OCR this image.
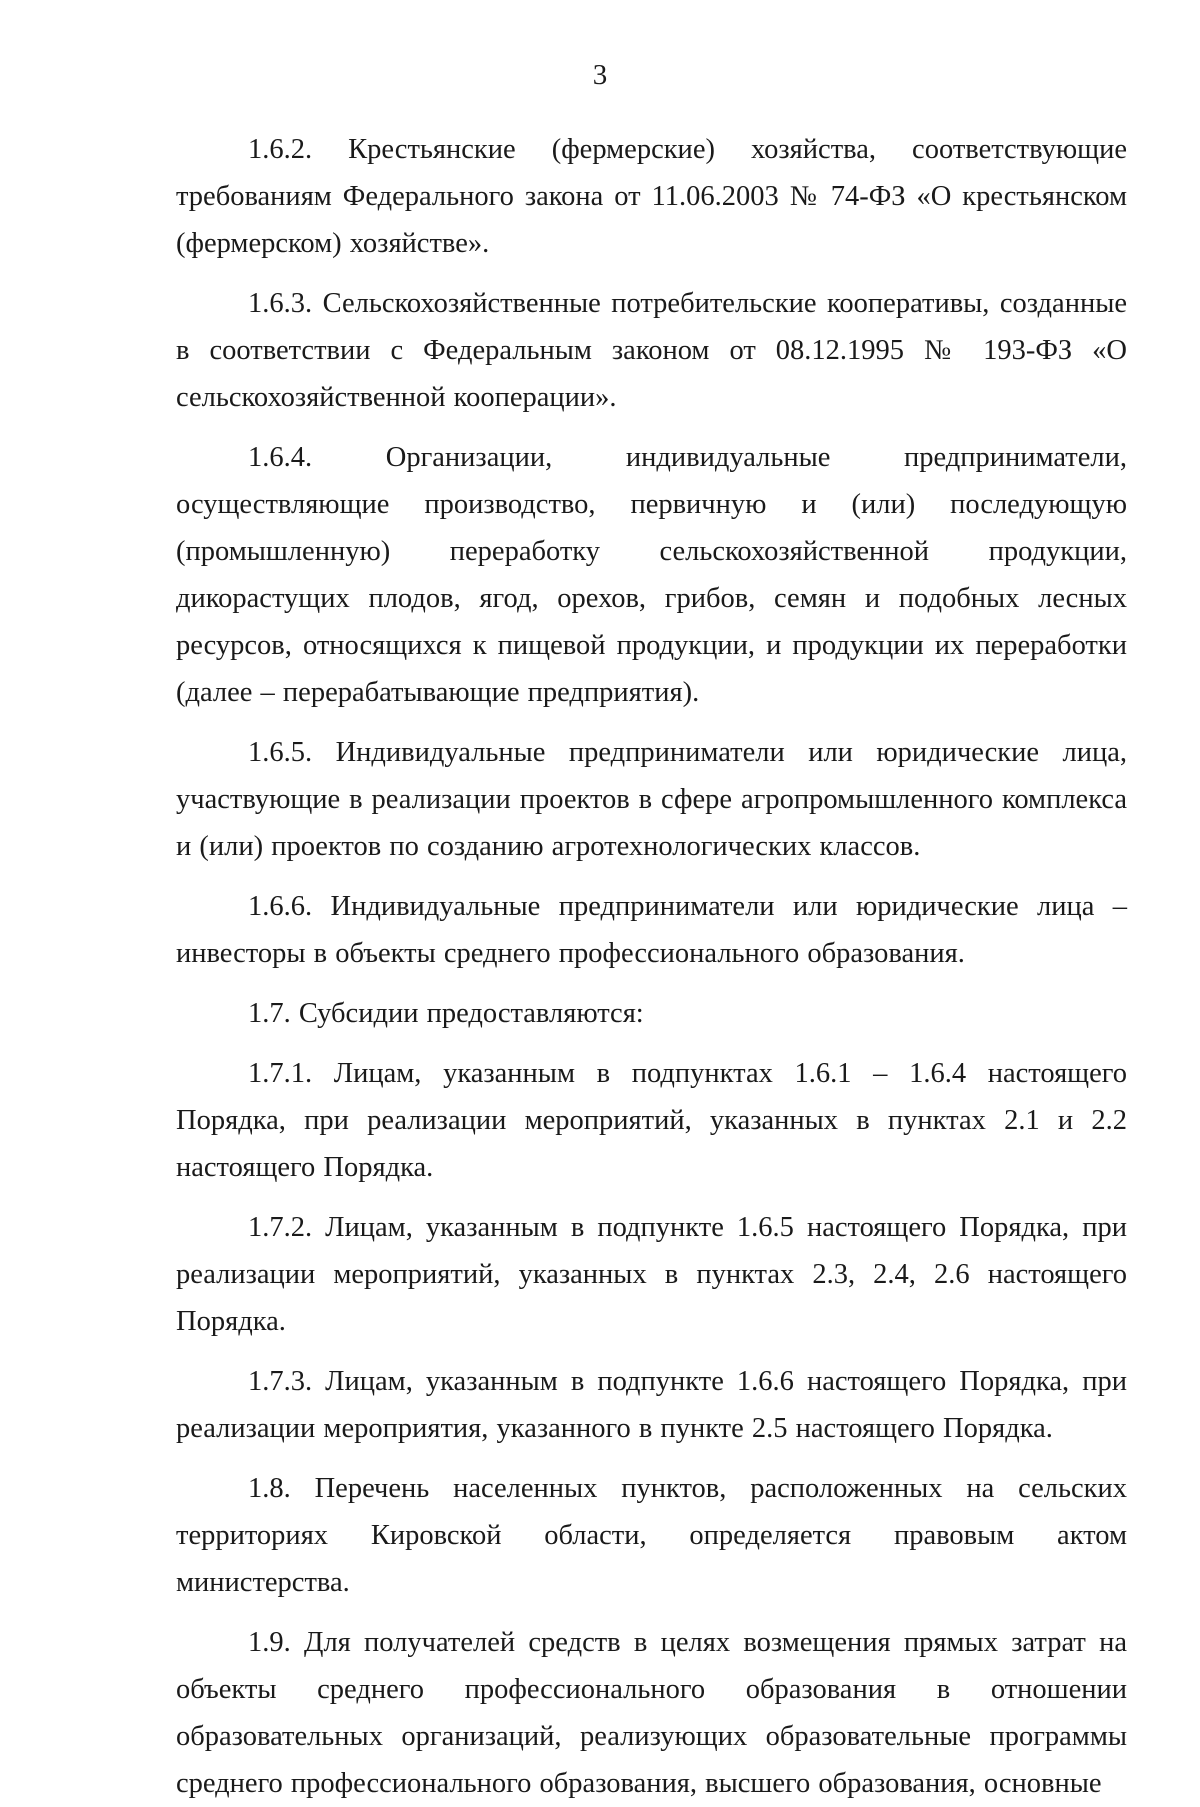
3

1.6.2. Крестьянские (фермерские) хозяйства, соответствующие требованиям Федерального закона от 11.06.2003 № 74-ФЗ «О крестьянском (фермерском) хозяйстве».

1.6.3. Сельскохозяйственные потребительские кооперативы, созданные в соответствии с Федеральным законом от 08.12.1995 № 193-ФЗ «О сельскохозяйственной кооперации».

1.6.4. Организации, индивидуальные предприниматели, осуществляющие производство, первичную и (или) последующую (промышленную) переработку сельскохозяйственной продукции, дикорастущих плодов, ягод, орехов, грибов, семян и подобных лесных ресурсов, относящихся к пищевой продукции, и продукции их переработки (далее – перерабатывающие предприятия).

1.6.5. Индивидуальные предприниматели или юридические лица, участвующие в реализации проектов в сфере агропромышленного комплекса и (или) проектов по созданию агротехнологических классов.

1.6.6. Индивидуальные предприниматели или юридические лица – инвесторы в объекты среднего профессионального образования.

1.7. Субсидии предоставляются:

1.7.1. Лицам, указанным в подпунктах 1.6.1 – 1.6.4 настоящего Порядка, при реализации мероприятий, указанных в пунктах 2.1 и 2.2 настоящего Порядка.

1.7.2. Лицам, указанным в подпункте 1.6.5 настоящего Порядка, при реализации мероприятий, указанных в пунктах 2.3, 2.4, 2.6 настоящего Порядка.

1.7.3. Лицам, указанным в подпункте 1.6.6 настоящего Порядка, при реализации мероприятия, указанного в пункте 2.5 настоящего Порядка.

1.8. Перечень населенных пунктов, расположенных на сельских территориях Кировской области, определяется правовым актом министерства.

1.9. Для получателей средств в целях возмещения прямых затрат на объекты среднего профессионального образования в отношении образовательных организаций, реализующих образовательные программы среднего профессионального образования, высшего образования, основные
